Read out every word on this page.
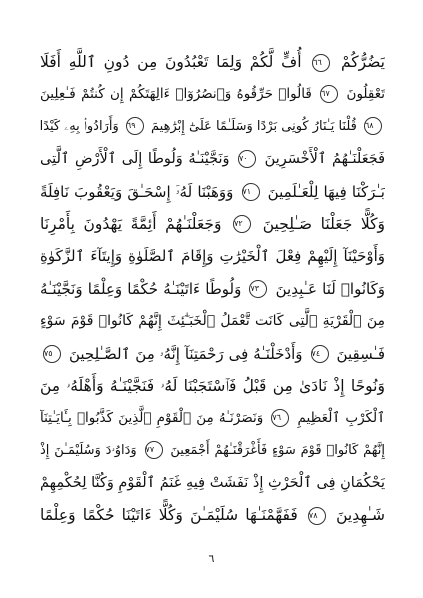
يَضُرُّكُمْ ٦٦ أُفٍّ لَّكُمْ وَلِمَا تَعْبُدُونَ مِن دُونِ ٱللَّهِ أَفَلَا
تَعْقِلُونَ ٦٧ قَالُوا۟ حَرِّقُوهُ وَٱنصُرُوٓا۟ ءَالِهَتَكُمْ إِن كُنتُمْ فَـٰعِلِينَ
٦٨ قُلْنَا يَـٰنَارُ كُونِى بَرْدًا وَسَلَـٰمًا عَلَىٰٓ إِبْرَٰهِيمَ ٦٩ وَأَرَادُوا۟ بِهِۦ كَيْدًا
فَجَعَلْنَـٰهُمُ ٱلْأَخْسَرِينَ ٧٠ وَنَجَّيْنَـٰهُ وَلُوطًا إِلَى ٱلْأَرْضِ ٱلَّتِى
بَـٰرَكْنَا فِيهَا لِلْعَـٰلَمِينَ ٧١ وَوَهَبْنَا لَهُۥٓ إِسْحَـٰقَ وَيَعْقُوبَ نَافِلَةً
وَكُلًّا جَعَلْنَا صَـٰلِحِينَ ٧٢ وَجَعَلْنَـٰهُمْ أَئِمَّةً يَهْدُونَ بِأَمْرِنَا
وَأَوْحَيْنَآ إِلَيْهِمْ فِعْلَ ٱلْخَيْرَٰتِ وَإِقَامَ ٱلصَّلَوٰةِ وَإِيتَآءَ ٱلزَّكَوٰةِ
وَكَانُوا۟ لَنَا عَـٰبِدِينَ ٧٣ وَلُوطًا ءَاتَيْنَـٰهُ حُكْمًا وَعِلْمًا وَنَجَّيْنَـٰهُ
مِنَ ٱلْقَرْيَةِ ٱلَّتِى كَانَت تَّعْمَلُ ٱلْخَبَـٰٓئِثَ إِنَّهُمْ كَانُوا۟ قَوْمَ سَوْءٍ
فَـٰسِقِينَ ٧٤ وَأَدْخَلْنَـٰهُ فِى رَحْمَتِنَآ إِنَّهُۥ مِنَ ٱلصَّـٰلِحِينَ ٧٥
وَنُوحًا إِذْ نَادَىٰ مِن قَبْلُ فَٱسْتَجَبْنَا لَهُۥ فَنَجَّيْنَـٰهُ وَأَهْلَهُۥ مِنَ
ٱلْكَرْبِ ٱلْعَظِيمِ ٧٦ وَنَصَرْنَـٰهُ مِنَ ٱلْقَوْمِ ٱلَّذِينَ كَذَّبُوا۟ بِـَٔايَـٰتِنَآ
إِنَّهُمْ كَانُوا۟ قَوْمَ سَوْءٍ فَأَغْرَقْنَـٰهُمْ أَجْمَعِينَ ٧٧ وَدَاوُۥدَ وَسُلَيْمَـٰنَ إِذْ
يَحْكُمَانِ فِى ٱلْحَرْثِ إِذْ نَفَشَتْ فِيهِ غَنَمُ ٱلْقَوْمِ وَكُنَّا لِحُكْمِهِمْ
شَـٰهِدِينَ ٧٨ فَفَهَّمْنَـٰهَا سُلَيْمَـٰنَ وَكُلًّا ءَاتَيْنَا حُكْمًا وَعِلْمًا
٦
